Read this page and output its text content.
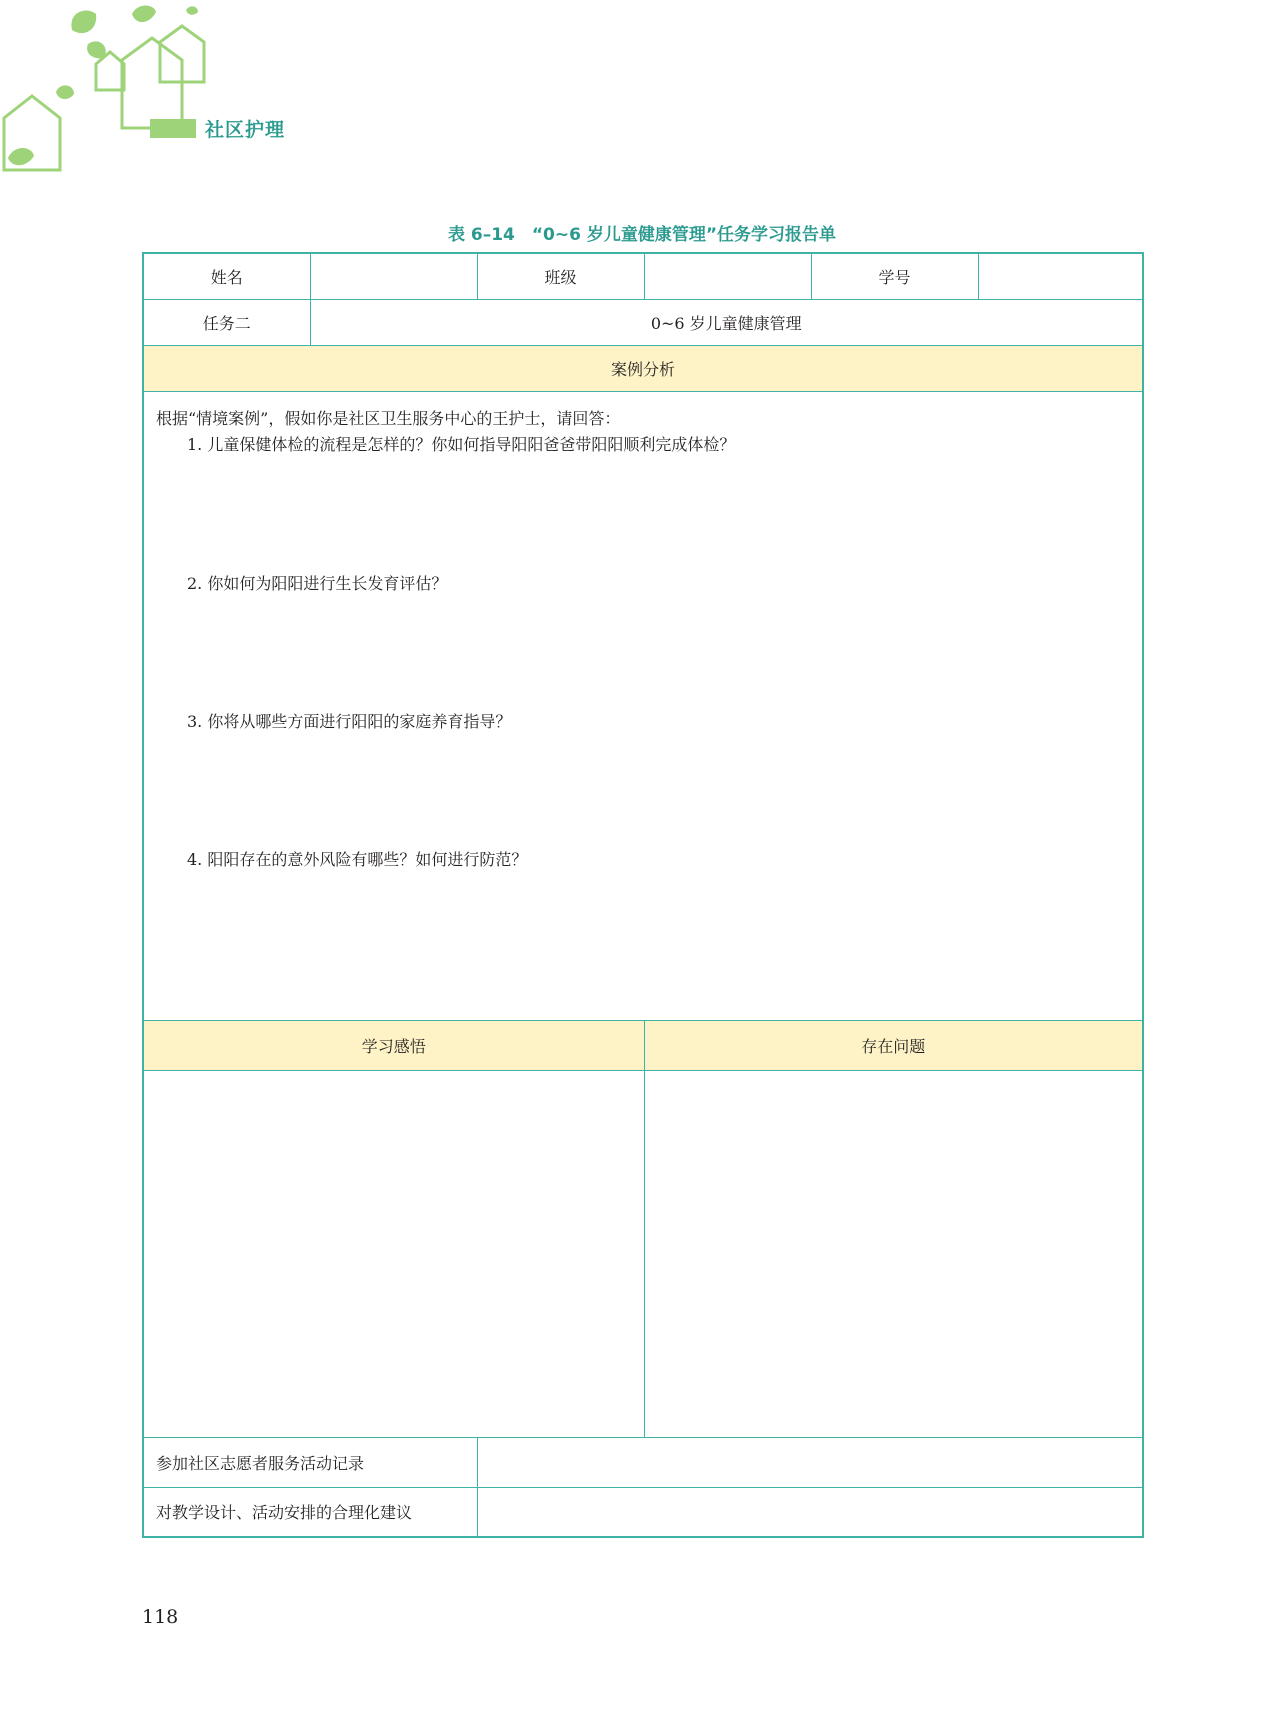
社区护理
表 6–14　“0~6 岁儿童健康管理”任务学习报告单
姓名		班级		学号	
任务二	0~6 岁儿童健康管理				
案例分析					

根据“情境案例”，假如你是社区卫生服务中心的王护士，请回答：
1. 儿童保健体检的流程是怎样的？你如何指导阳阳爸爸带阳阳顺利完成体检？
2. 你如何为阳阳进行生长发育评估？
3. 你将从哪些方面进行阳阳的家庭养育指导？
4. 阳阳存在的意外风险有哪些？如何进行防范？					

学习感悟			存在问题		

参加社区志愿者服务活动记录					
对教学设计、活动安排的合理化建议					
118
